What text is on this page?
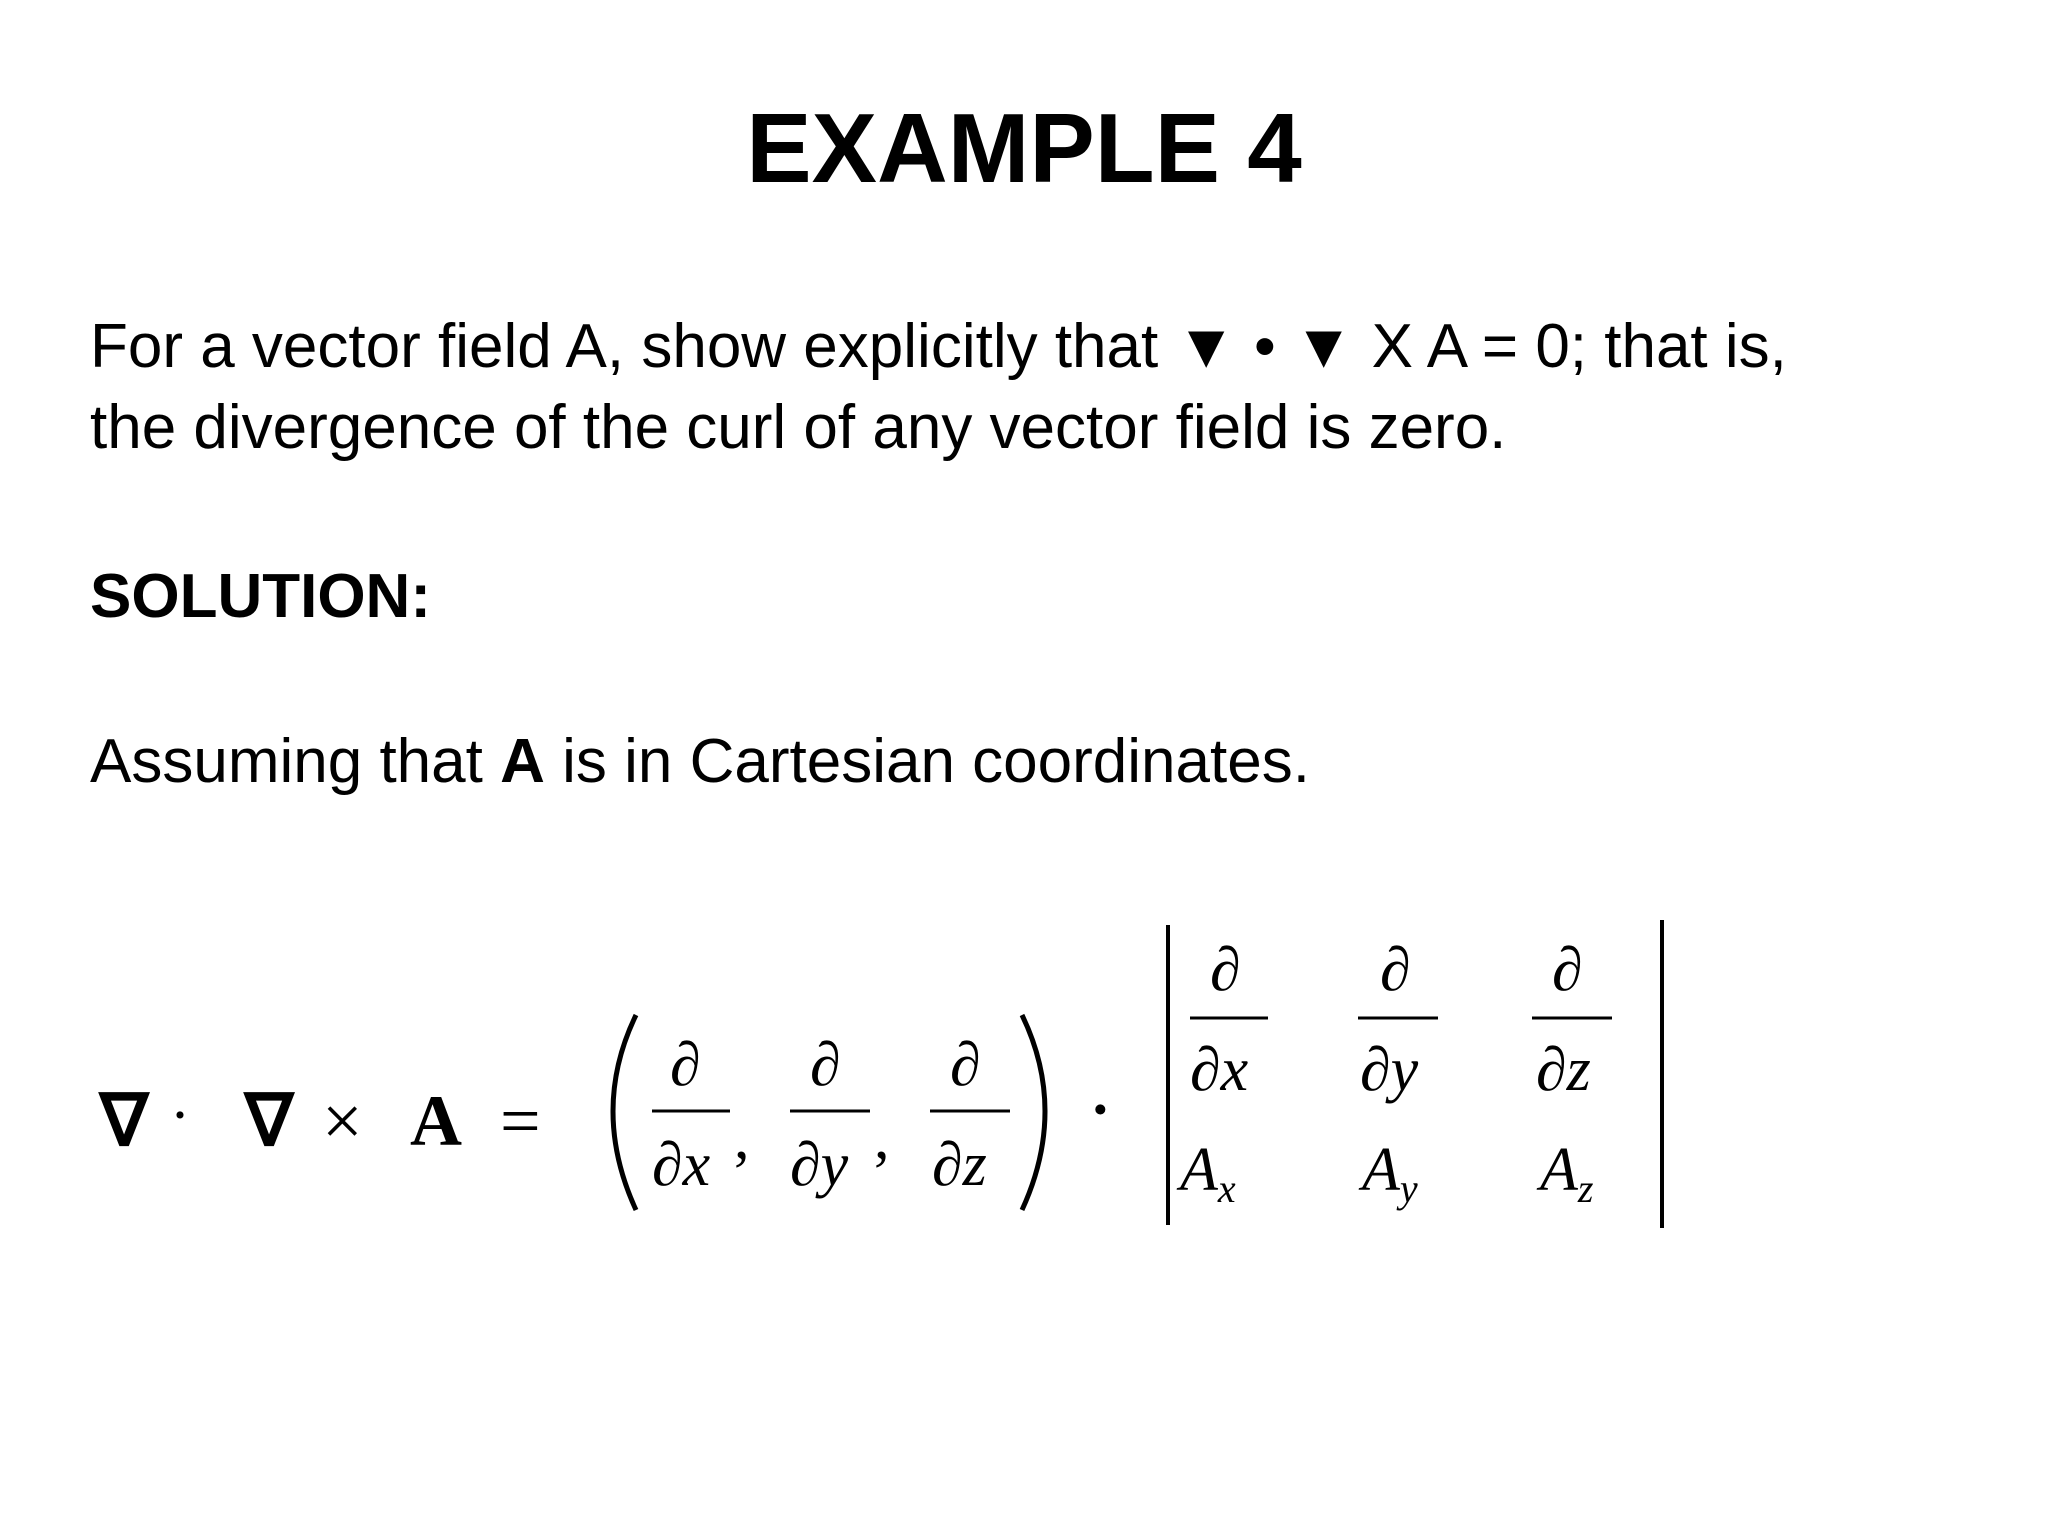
EXAMPLE 4
For a vector field A, show explicitly that ▼ • ▼ X A = 0; that is,
the divergence of the curl of any vector field is zero.
SOLUTION:
Assuming that A is in Cartesian coordinates.
∇ · ∇ × A =
∂
∂x ,
∂
∂y ,
∂
∂z
·
∂
∂x
∂
∂y
∂
∂z
Ax Ay Az
